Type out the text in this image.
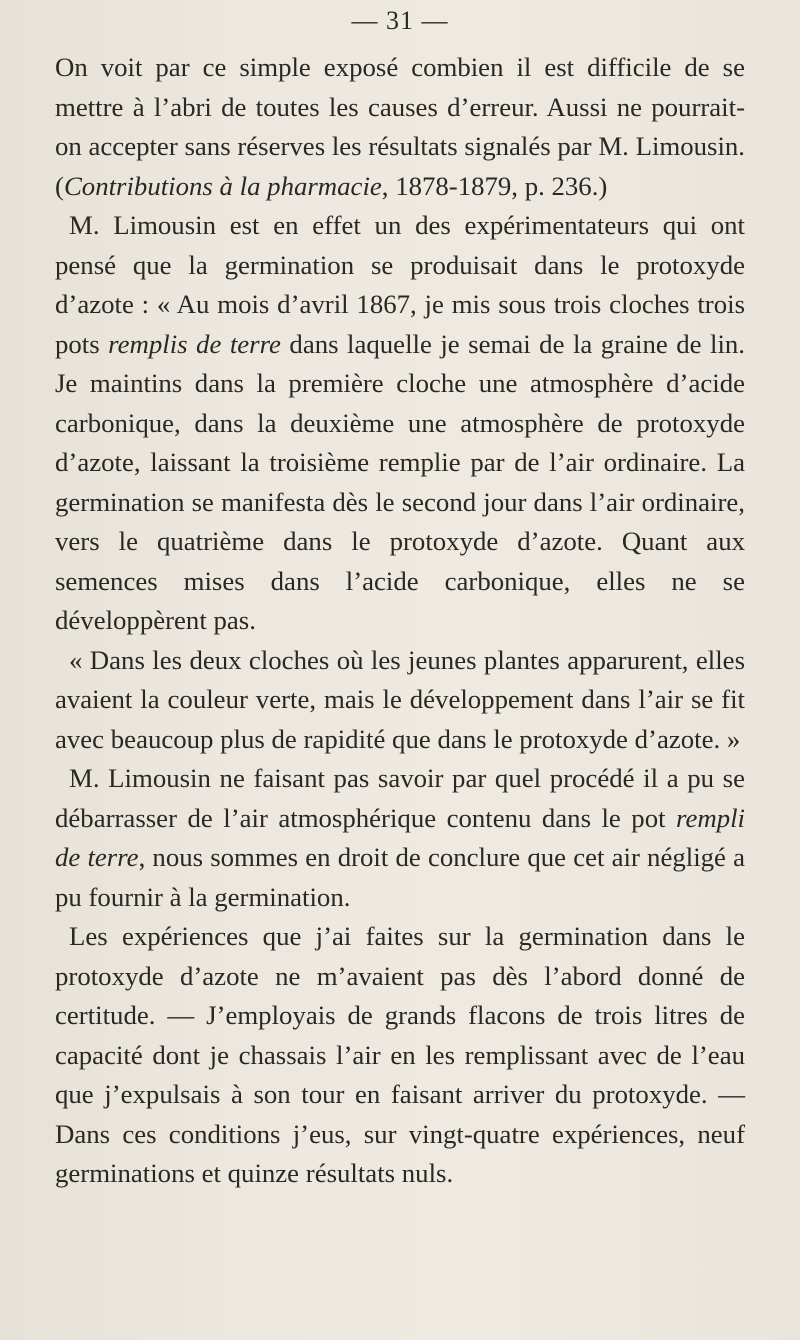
— 31 —

On voit par ce simple exposé combien il est difficile de se mettre à l’abri de toutes les causes d’erreur. Aussi ne pourrait-on accepter sans réserves les résultats signalés par M. Limousin. (Contributions à la pharmacie, 1878-1879, p. 236.)

M. Limousin est en effet un des expérimentateurs qui ont pensé que la germination se produisait dans le protoxyde d’azote : « Au mois d’avril 1867, je mis sous trois cloches trois pots remplis de terre dans laquelle je semai de la graine de lin. Je maintins dans la première cloche une atmosphère d’acide carbonique, dans la deuxième une atmosphère de protoxyde d’azote, laissant la troisième remplie par de l’air ordinaire. La germination se manifesta dès le second jour dans l’air ordinaire, vers le quatrième dans le protoxyde d’azote. Quant aux semences mises dans l’acide carbonique, elles ne se développèrent pas.

« Dans les deux cloches où les jeunes plantes apparurent, elles avaient la couleur verte, mais le développement dans l’air se fit avec beaucoup plus de rapidité que dans le protoxyde d’azote. »

M. Limousin ne faisant pas savoir par quel procédé il a pu se débarrasser de l’air atmosphérique contenu dans le pot rempli de terre, nous sommes en droit de conclure que cet air négligé a pu fournir à la germination.

Les expériences que j’ai faites sur la germination dans le protoxyde d’azote ne m’avaient pas dès l’abord donné de certitude. — J’employais de grands flacons de trois litres de capacité dont je chassais l’air en les remplissant avec de l’eau que j’expulsais à son tour en faisant arriver du protoxyde. — Dans ces conditions j’eus, sur vingt-quatre expériences, neuf germinations et quinze résultats nuls.
